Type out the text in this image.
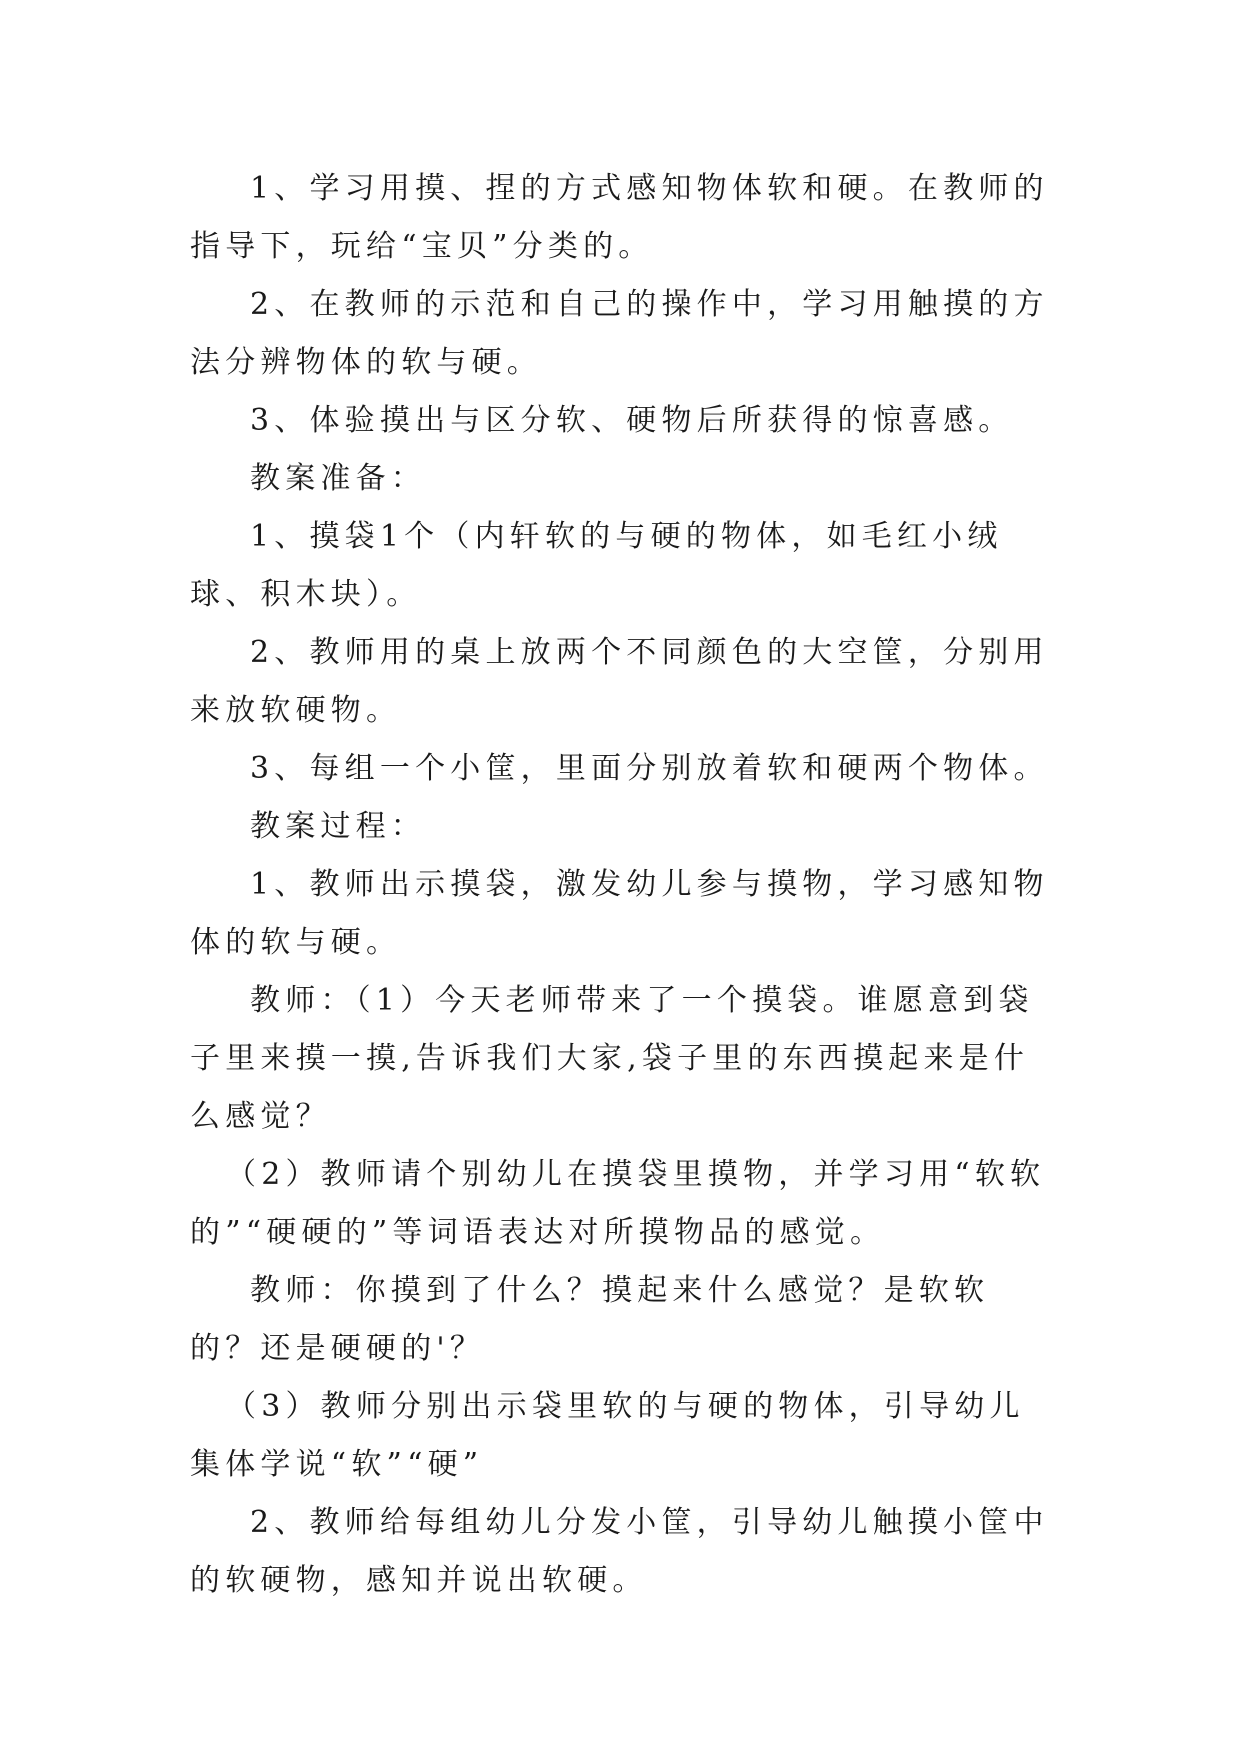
1、学习用摸、捏的方式感知物体软和硬。在教师的指导下，玩给“宝贝”分类的。

2、在教师的示范和自己的操作中，学习用触摸的方法分辨物体的软与硬。

3、体验摸出与区分软、硬物后所获得的惊喜感。

教案准备：

1、摸袋1个（内轩软的与硬的物体，如毛红小绒球、积木块）。

2、教师用的桌上放两个不同颜色的大空筐，分别用来放软硬物。

3、每组一个小筐，里面分别放着软和硬两个物体。

教案过程：

1、教师出示摸袋，激发幼儿参与摸物，学习感知物体的软与硬。

教师：（1）今天老师带来了一个摸袋。谁愿意到袋子里来摸一摸,告诉我们大家,袋子里的东西摸起来是什么感觉？

（2）教师请个别幼儿在摸袋里摸物，并学习用“软软的”“硬硬的”等词语表达对所摸物品的感觉。

教师：你摸到了什么？摸起来什么感觉？是软软的？还是硬硬的'？

（3）教师分别出示袋里软的与硬的物体，引导幼儿集体学说“软”“硬”

2、教师给每组幼儿分发小筐，引导幼儿触摸小筐中的软硬物，感知并说出软硬。
